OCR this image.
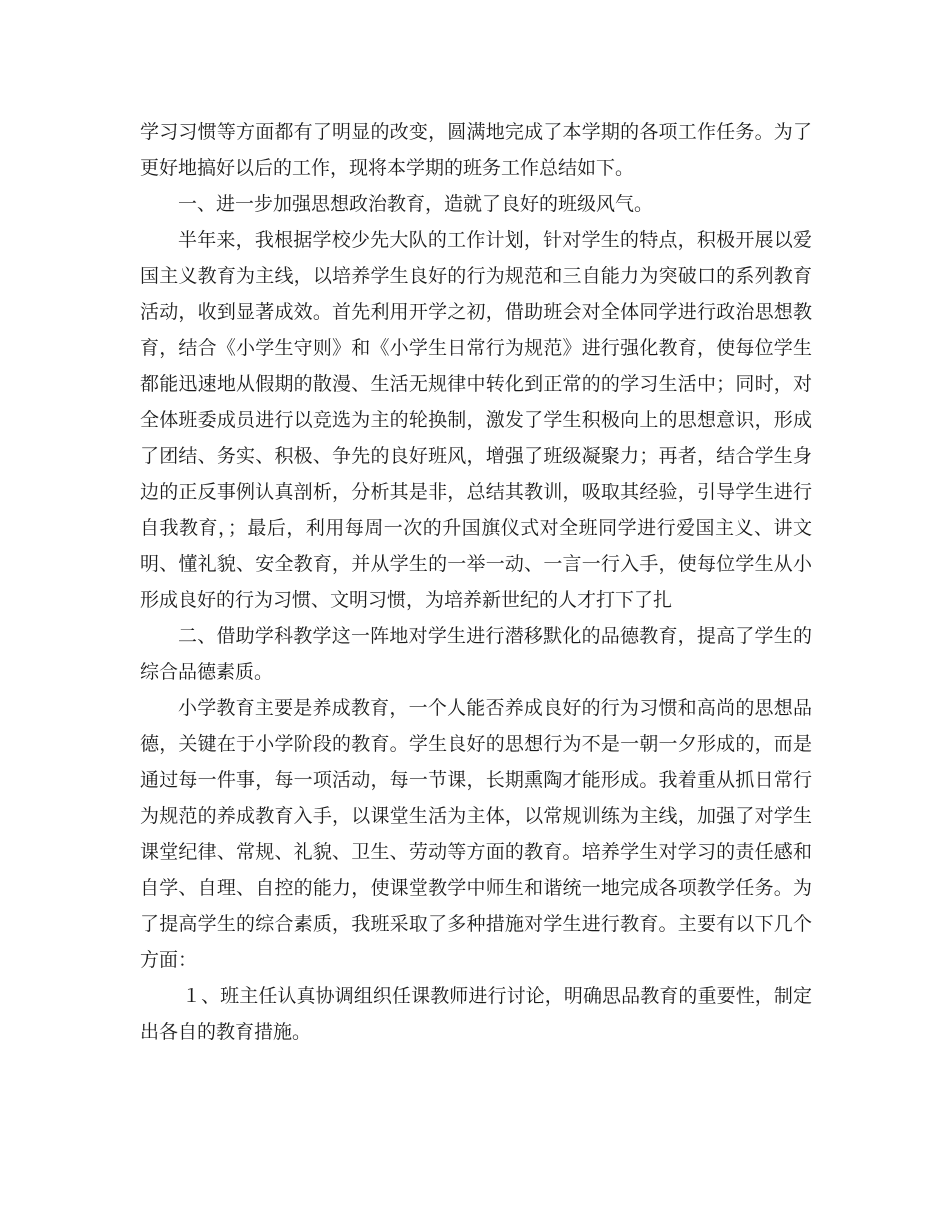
学习习惯等方面都有了明显的改变，圆满地完成了本学期的各项工作任务。为了更好地搞好以后的工作，现将本学期的班务工作总结如下。

一、进一步加强思想政治教育，造就了良好的班级风气。

半年来，我根据学校少先大队的工作计划，针对学生的特点，积极开展以爱国主义教育为主线，以培养学生良好的行为规范和三自能力为突破口的系列教育活动，收到显著成效。首先利用开学之初，借助班会对全体同学进行政治思想教育，结合《小学生守则》和《小学生日常行为规范》进行强化教育，使每位学生都能迅速地从假期的散漫、生活无规律中转化到正常的的学习生活中；同时，对全体班委成员进行以竞选为主的轮换制，激发了学生积极向上的思想意识，形成了团结、务实、积极、争先的良好班风，增强了班级凝聚力；再者，结合学生身边的正反事例认真剖析，分析其是非，总结其教训，吸取其经验，引导学生进行自我教育，；最后，利用每周一次的升国旗仪式对全班同学进行爱国主义、讲文明、懂礼貌、安全教育，并从学生的一举一动、一言一行入手，使每位学生从小形成良好的行为习惯、文明习惯，为培养新世纪的人才打下了扎

二、借助学科教学这一阵地对学生进行潜移默化的品德教育，提高了学生的综合品德素质。

小学教育主要是养成教育，一个人能否养成良好的行为习惯和高尚的思想品德，关键在于小学阶段的教育。学生良好的思想行为不是一朝一夕形成的，而是通过每一件事，每一项活动，每一节课，长期熏陶才能形成。我着重从抓日常行为规范的养成教育入手，以课堂生活为主体，以常规训练为主线，加强了对学生课堂纪律、常规、礼貌、卫生、劳动等方面的教育。培养学生对学习的责任感和自学、自理、自控的能力，使课堂教学中师生和谐统一地完成各项教学任务。为了提高学生的综合素质，我班采取了多种措施对学生进行教育。主要有以下几个方面：

１、班主任认真协调组织任课教师进行讨论，明确思品教育的重要性，制定出各自的教育措施。
